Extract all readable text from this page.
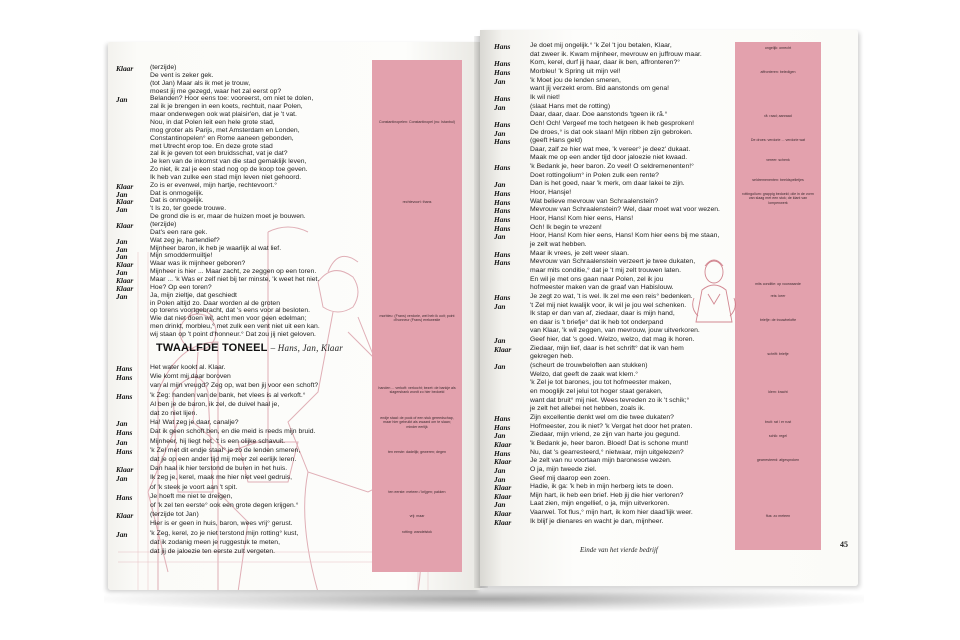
Constantinopelen: Constantinopel (nu: Istanbul)
rechtevoort: thans
morbleu: (Frans) verdorie, wel heb ik ooit; point d'honneur (Frans) erekwestie
handen ... verkoft: verkocht; bezet: de bankje als slagersbank wordt zo hier bedoeld
endje staal: de pook of een stuk gereedschap, maar hier gebruikt als zwaard om te slaan; minder eerlijk
ten eerste: dadelijk; geweren; degen
ten eerste: meteen / krijgen; pakken
vrij: maar
rotting: wandelstok
Klaar (terzijde)
De vent is zeker gek.
(tot Jan) Maar als ik met je trouw,
moest jij me gezegd, waar het zal eerst op?
Jan	Belanden? Hoor eens toe: vooreerst, om niet te dolen,
zal ik je brengen in een koets, rechtuit, naar Polen,
maar onderwegen ook wat plaisir'en, dat je 't vat.
Nou, in dat Polen leit een hele grote stad,
mog groter als Parijs, met Amsterdam en Londen,
Constantinopelen° en Rome aaneen gebonden,
met Utrecht erop toe. En deze grote stad
zal ik je geven tot een bruidsschat, vat je dat?
Je ken van de inkomst van die stad gemaklijk leven,
Zo niet, ik zal je een stad nog op de koop toe geven.
Ik heb van zulke een stad mijn leven niet gehoord.
Klaar Zo is er evenwel, mijn hartje, rechtevoort.°
Jan	Dat is onmogelijk.
Klaar Dat is onmogelijk.
Jan	't Is zo, ter goede trouwe.
De grond die is er, maar de huizen moet je bouwen.
Klaar (terzijde)
Dat's een rare gek.
Jan	Wat zeg je, hartendief?
Jan	Mijnheer baron, ik heb je waarlijk al wat lief.
Jan	Mijn smoddermuiltje!
Klaar Waar was ik mijnheer geboren?
Jan	Mijnheer is hier ... Maar zacht, ze zeggen op een toren.
Klaar Maar ... 'k Was er zelf niet bij ter minste, 'k weet het niet.
Klaar Hoe? Op een toren?
Jan	Ja, mijn zieltje, dat geschiedt
in Polen altijd zo. Daar worden al de groten
op torens voortgebracht, dat 's eens voor al besloten.
Wie dat niet doen wil, acht men voor geen edelman;
men drinkt, morbleu,° met zulk een vent niet uit een kan.
wij staan op 't point d'honneur.° Dat zou jij niet geloven.
TWAALFDE TONEEL – Hans, Jan, Klaar
Hans	Het water kookt al. Klaar.
Hans	Wie komt mij daar boroven
van al mijn vreugd? Zeg op, wat ben jij voor een schoft?
Hans	'k Zeg: handen van de bank, het vlees is al verkoft.°
Al ben je de baron, ik zel, de duivel haal je,
dat zo niet lijen.
Jan	Ha! Wat zeg je daar, canalje?
Hans	Dat ik geen schoft ben, en die meid is reeds mijn bruid.
Jan	Mijnheer, hij liegt het, 't is een olijke schavuit.
Hans	'k Zel met dit endje staal° je zo de lenden smeren,
dat je op een ander tijd mij meer zel eerlijk leren.
Klaar Dan haal ik hier terstond de buren in het huis.
Jan	Ik zeg je, kerel, maak me hier niet veel gedruis,
of 'k steek je voort aan 't spit.
Hans	Je hoeft me niet te dreigen,
of 'k zel ten eerste° ook een grote degen krijgen.°
Klaar (terzijde tot Jan)
Hier is er geen in huis, baron, wees vrij° gerust.
Jan	'k Zeg, kerel, zo je niet terstond mijn rotting° kust,
dat ik zodanig meen je ruggestuk te meten,
dat jij de jaloezie ten eerste zult vergeten.
ongelijk: onrecht
affronteren: beledigen
rã: raad; aanraad
De droes: verdorie ... verdorie wat
vereer: schenk
seldremenenten: beeldspelletjes
rottingolium: grappig bedoeld; olie in de vorm van slaag met een stok; de klant van lompenwerk
mits conditie: op voorwaarde
reis: keer
briefje: de trouwbelofte
schrift: briefje
klem: kracht
bruit: rat / er rust
schik: regel
gearresteerd: afgesproken
flus: zo meteen
Hans	Je doet mij ongelijk.° 'k Zel 't jou betalen, Klaar,
dat zweer ik. Kwam mijnheer, mevrouw en juffrouw maar.
Hans	Kom, kerel, durf jij haar, daar ik ben, affronteren?°
Hans	Morbleu! 'k Spring uit mijn vel!
Jan	'k Moet jou de lenden smeren,
want jij verzekt erom. Bid aanstonds om gena!
Hans	Ik wil niet!
Jan	(slaat Hans met de rotting)
Daar, daar, daar. Doe aanstonds 'tgeen ik rã.°
Hans	Och! Och! Vergeef me toch hetgeen ik heb gesproken!
Jan	De droes,° is dat ook slaan! Mijn ribben zijn gebroken.
Hans	(geeft Hans geld)
Daar, zalf ze hier wat mee, 'k vereer° je deez' dukaat.
Maak me op een ander tijd door jaloezie niet kwaad.
Hans	'k Bedank je, heer baron. Zo veel! O seldremenenten!°
Doet rottingolium° in Polen zulk een rente?
Jan	Dan is het goed, naar 'k merk, om daar lakei te zijn.
Hans	Hoor, Hansje!
Hans	Wat believe mevrouw van Schraalenstein?
Hans	Mevrouw van Schraalenstein? Wel, daar moet wat voor wezen.
Hans	Hoor, Hans! Kom hier eens, Hans!
Hans	Och! Ik begin te vrezen!
Jan	Hoor, Hans! Kom hier eens, Hans! Kom hier eens bij me staan,
je zelt wat hebben.
Hans	Maar ik vrees, je zelt weer slaan.
Hans	Mevrouw van Schraalenstein verzeert je twee dukaten,
maar mits conditie,° dat je 't mij zelt trouwen laten.
En wil je met ons gaan naar Polen, zel ik jou
hofmeester maken van de graaf van Habislouw.
Hans	Je zegt zo wat, 't is wel. Ik zel me een reis° bedenken.
Jan	't Zel mij niet kwalijk voor, ik wil je jou wel schenken.
Ik stap er dan van af, ziedaar, daar is mijn hand,
en daar is 't briefje° dat ik heb tot onderpand
van Klaar, 'k wil zeggen, van mevrouw, jouw uitverkoren.
Jan	Geef hier, dat 's goed. Welzo, welzo, dat mag ik horen.
Klaar	Ziedaar, mijn lief, daar is het schrift° dat ik van hem
gekregen heb.
Jan	(scheurt de trouwbeloften aan stukken)
Welzo, dat geeft de zaak wat klem.°
'k Zel je tot barones, jou tot hofmeester maken,
en mooglijk zel jelui tot hoger staat geraken,
want dat bruit° mij niet. Wees tevreden zo ik 't schik;°
je zelt het allebei net hebben, zoals ik.
Hans	Zijn excellentie denkt wel om die twee dukaten?
Hans	Hofmeester, zou ik niet? 'k Vergat het door het praten.
Jan	Ziedaar, mijn vriend, ze zijn van harte jou gegund.
Klaar	'k Bedank je, heer baron. Bloed! Dat is schone munt!
Hans	Nu, dat 's gearresteerd,° nietwaar, mijn uitgelezen?
Klaar	Je zelt van nu voortaan mijn baronesse wezen.
Jan	O ja, mijn tweede ziel.
Jan	Geef mij daarop een zoen.
Klaar	Hadie, ik ga: 'k heb in mijn herberg iets te doen.
Klaar	Mijn hart, ik heb een brief. Heb jij die hier verloren?
Jan	Laat zien, mijn engellief, o ja, mijn uitverkoren.
Klaar	Vaarwel. Tot flus,° mijn hart, ik kom hier daad'lijk weer.
Klaar	Ik blijf je dienares en wacht je dan, mijnheer.
Einde van het vierde bedrijf
45
